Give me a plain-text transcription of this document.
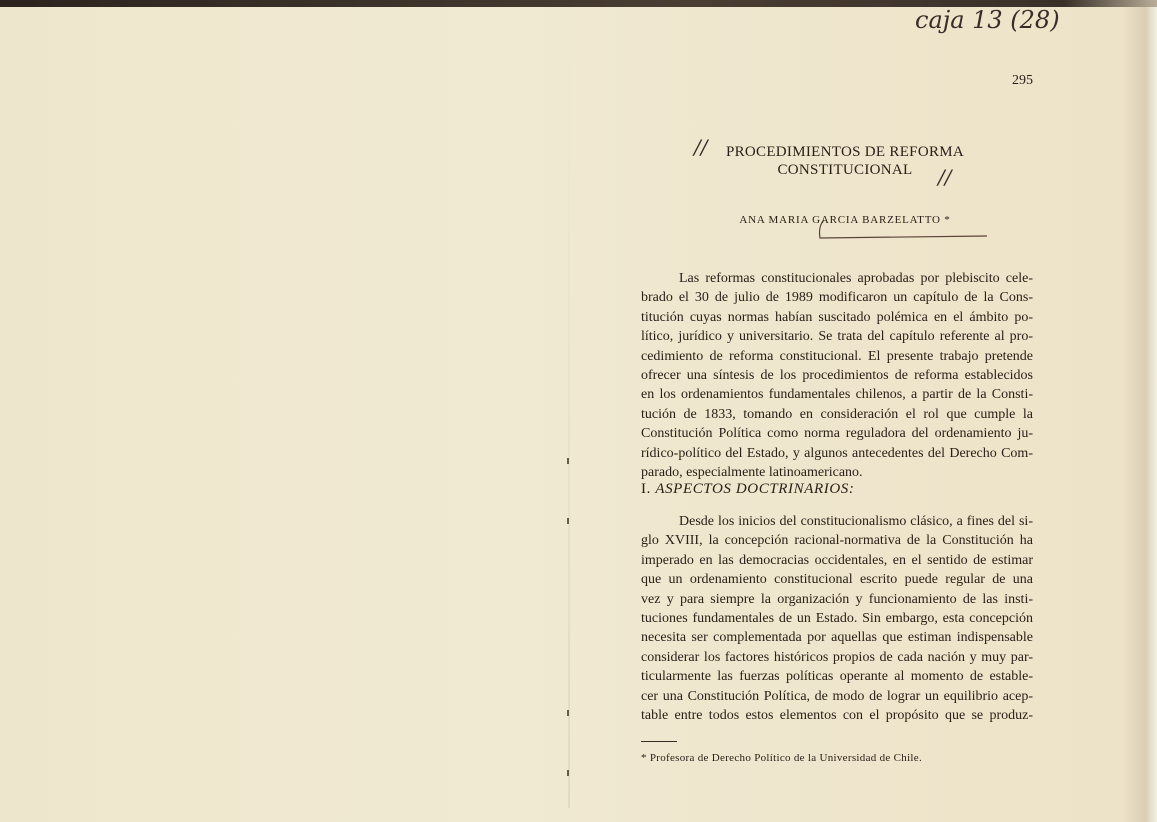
caja 13 (28)
//
//
295
PROCEDIMIENTOS DE REFORMA
CONSTITUCIONAL
ANA MARIA GARCIA BARZELATTO *
Las reformas constitucionales aprobadas por plebiscito cele-
brado el 30 de julio de 1989 modificaron un capítulo de la Cons-
titución cuyas normas habían suscitado polémica en el ámbito po-
lítico, jurídico y universitario. Se trata del capítulo referente al pro-
cedimiento de reforma constitucional. El presente trabajo pretende
ofrecer una síntesis de los procedimientos de reforma establecidos
en los ordenamientos fundamentales chilenos, a partir de la Consti-
tución de 1833, tomando en consideración el rol que cumple la
Constitución Política como norma reguladora del ordenamiento ju-
rídico-político del Estado, y algunos antecedentes del Derecho Com-
parado, especialmente latinoamericano.
I. ASPECTOS DOCTRINARIOS:
Desde los inicios del constitucionalismo clásico, a fines del si-
glo XVIII, la concepción racional-normativa de la Constitución ha
imperado en las democracias occidentales, en el sentido de estimar
que un ordenamiento constitucional escrito puede regular de una
vez y para siempre la organización y funcionamiento de las insti-
tuciones fundamentales de un Estado. Sin embargo, esta concepción
necesita ser complementada por aquellas que estiman indispensable
considerar los factores históricos propios de cada nación y muy par-
ticularmente las fuerzas políticas operante al momento de estable-
cer una Constitución Política, de modo de lograr un equilibrio acep-
table entre todos estos elementos con el propósito que se produz-
* Profesora de Derecho Político de la Universidad de Chile.
